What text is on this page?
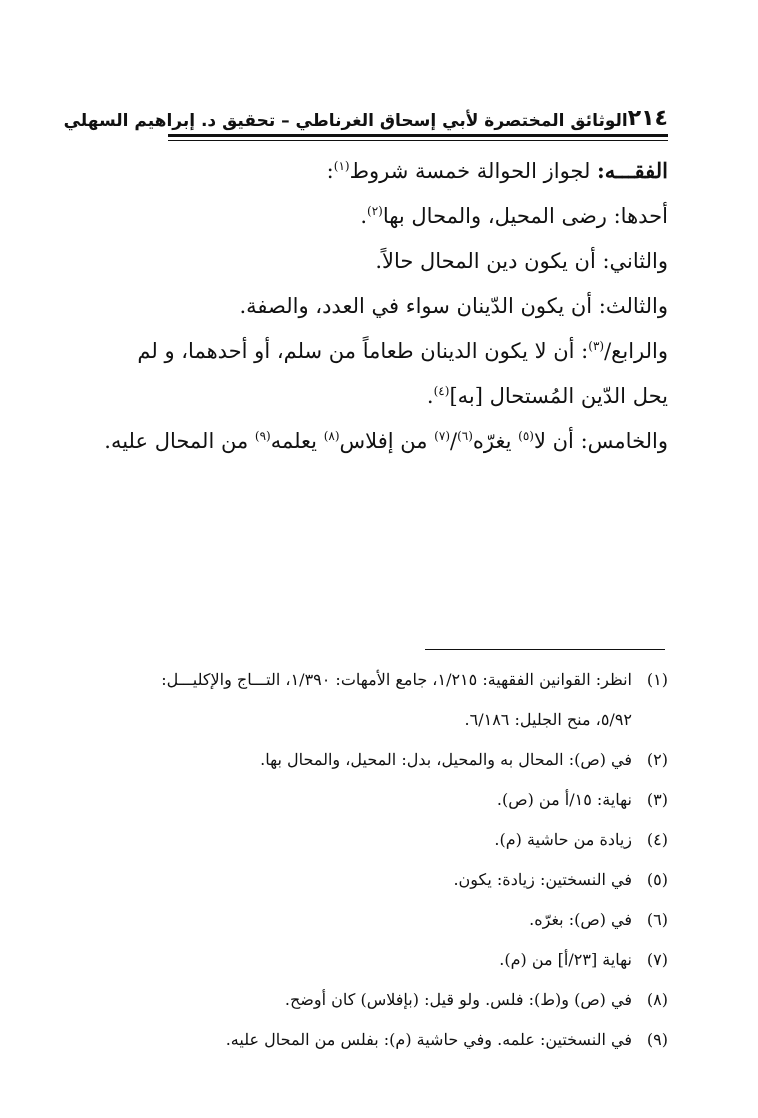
٢١٤
الوثائق المختصرة لأبي إسحاق الغرناطي – تحقيق د. إبراهيم السهلي

الفقـــه: لجواز الحوالة خمسة شروط$^{(١)}$:

أحدها: رضى المحيل، والمحال بها$^{(٢)}$.

والثاني: أن يكون دين المحال حالاً.

والثالث: أن يكون الدّينان سواء في العدد، والصفة.

والرابع/$^{(٣)}$: أن لا يكون الدينان طعاماً من سلم، أو أحدهما، و لم

يحل الدّين المُستحال [به]$^{(٤)}$.

والخامس: أن لا$^{(٥)}$ يغرّه$^{(٦)}$/$^{(٧)}$ من إفلاس$^{(٨)}$ يعلمه$^{(٩)}$ من المحال عليه.

(١)
انظر: القوانين الفقهية: ١/٢١٥، جامع الأمهات: ١/٣٩٠، التـــاج والإكليـــل:

٥/٩٢، منح الجليل: ٦/١٨٦.

(٢)
في (ص): المحال به والمحيل، بدل: المحيل، والمحال بها.

(٣)
نهاية: ١٥/أ من (ص).

(٤)
زيادة من حاشية (م).

(٥)
في النسختين: زيادة: يكون.

(٦)
في (ص): بغرّه.

(٧)
نهاية [٢٣/أ] من (م).

(٨)
في (ص) و(ط): فلس. ولو قيل: (بإفلاس) كان أوضح.

(٩)
في النسختين: علمه. وفي حاشية (م): بفلس من المحال عليه.
